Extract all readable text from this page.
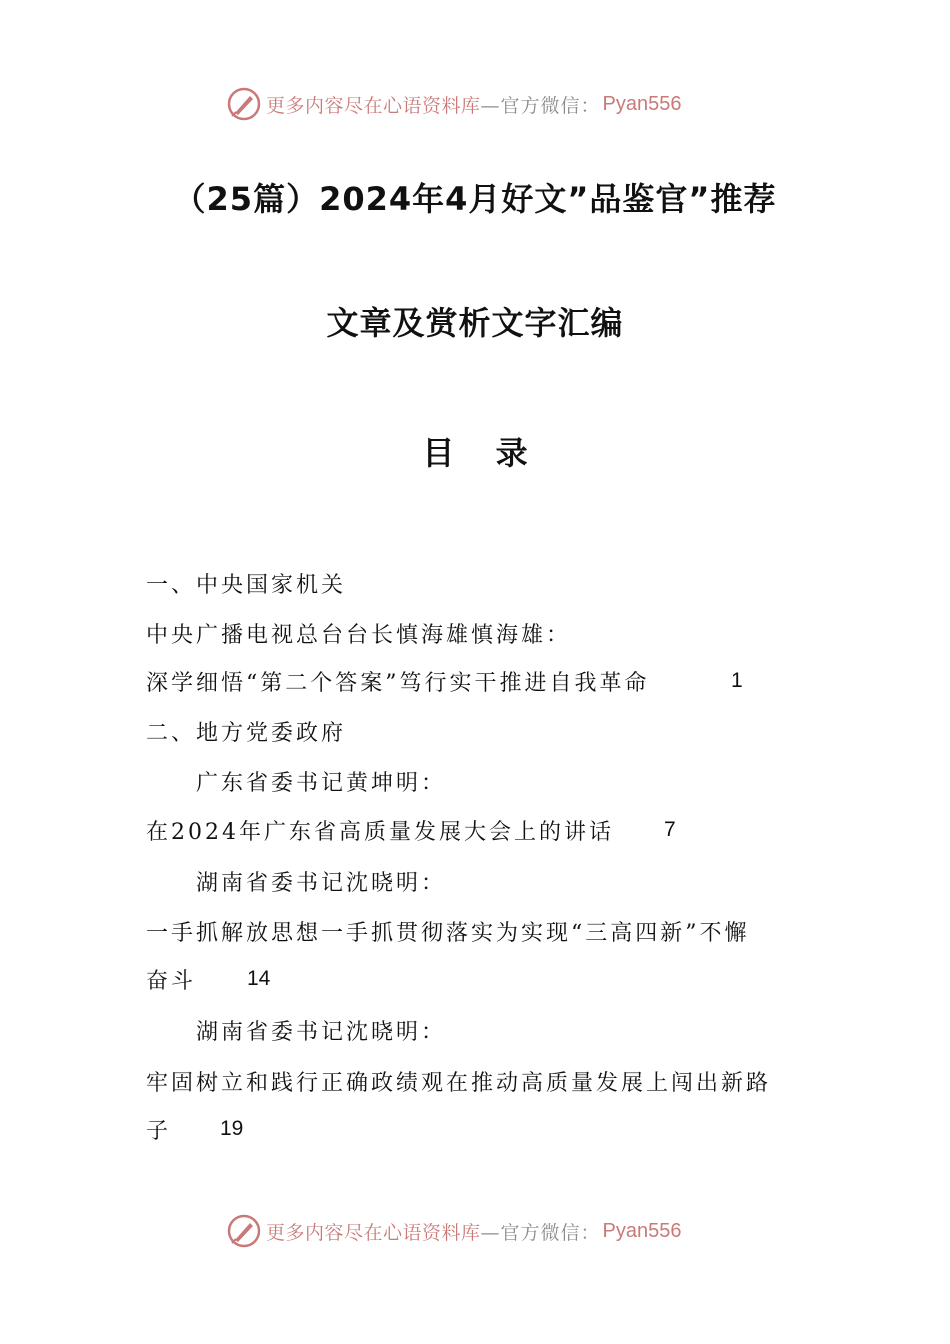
更多内容尽在心语资料库 —官方微信： Pyan556
（25篇）2024年4月好文”品鉴官”推荐
文章及赏析文字汇编
目 录
一、中央国家机关
中央广播电视总台台长慎海雄慎海雄：
深学细悟“第二个答案”笃行实干推进自我革命	1
二、地方党委政府
广东省委书记黄坤明：
在2024年广东省高质量发展大会上的讲话 7
湖南省委书记沈晓明：
一手抓解放思想一手抓贯彻落实为实现“三高四新”不懈
奋斗 14
湖南省委书记沈晓明：
牢固树立和践行正确政绩观在推动高质量发展上闯出新路
子 19
更多内容尽在心语资料库 —官方微信： Pyan556
